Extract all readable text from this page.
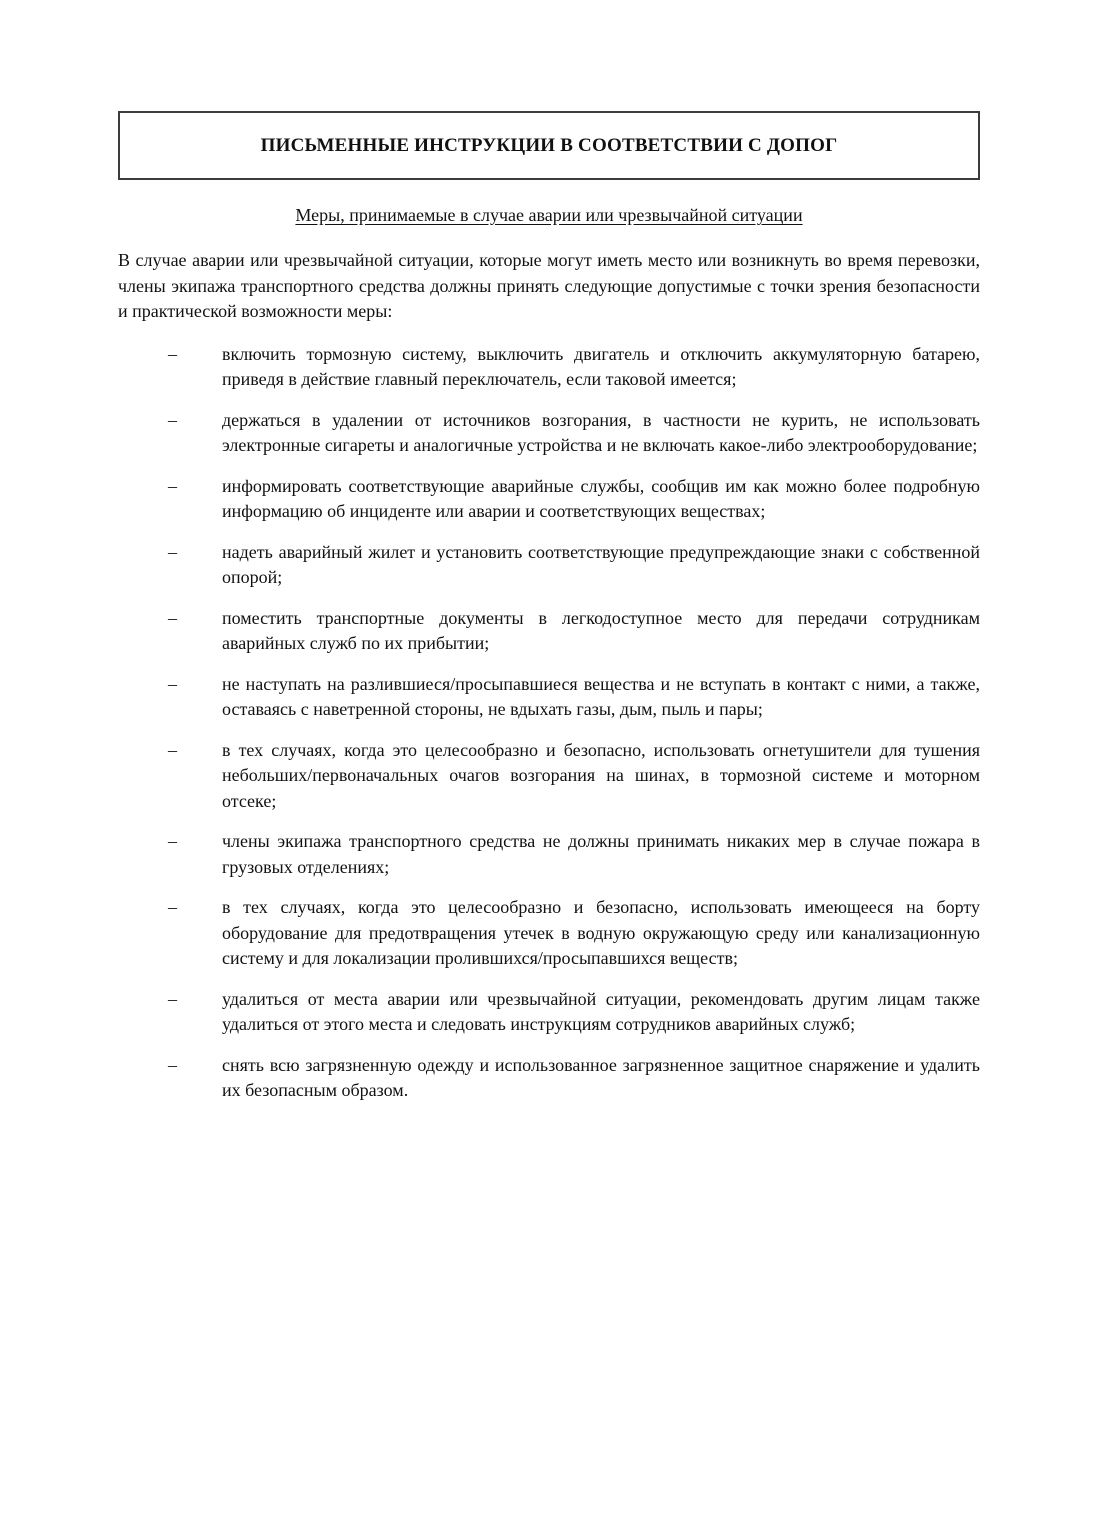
ПИСЬМЕННЫЕ ИНСТРУКЦИИ В СООТВЕТСТВИИ С ДОПОГ
Меры, принимаемые в случае аварии или чрезвычайной ситуации
В случае аварии или чрезвычайной ситуации, которые могут иметь место или возникнуть во время перевозки, члены экипажа транспортного средства должны принять следующие допустимые с точки зрения безопасности и практической возможности меры:
–	включить тормозную систему, выключить двигатель и отключить аккумуляторную батарею, приведя в действие главный переключатель, если таковой имеется;
–	держаться в удалении от источников возгорания, в частности не курить, не использовать электронные сигареты и аналогичные устройства и не включать какое-либо электрооборудование;
–	информировать соответствующие аварийные службы, сообщив им как можно более подробную информацию об инциденте или аварии и соответствующих веществах;
–	надеть аварийный жилет и установить соответствующие предупреждающие знаки с собственной опорой;
–	поместить транспортные документы в легкодоступное место для передачи сотрудникам аварийных служб по их прибытии;
–	не наступать на разлившиеся/просыпавшиеся вещества и не вступать в контакт с ними, а также, оставаясь с наветренной стороны, не вдыхать газы, дым, пыль и пары;
–	в тех случаях, когда это целесообразно и безопасно, использовать огнетушители для тушения небольших/первоначальных очагов возгорания на шинах, в тормозной системе и моторном отсеке;
–	члены экипажа транспортного средства не должны принимать никаких мер в случае пожара в грузовых отделениях;
–	в тех случаях, когда это целесообразно и безопасно, использовать имеющееся на борту оборудование для предотвращения утечек в водную окружающую среду или канализационную систему и для локализации пролившихся/просыпавшихся веществ;
–	удалиться от места аварии или чрезвычайной ситуации, рекомендовать другим лицам также удалиться от этого места и следовать инструкциям сотрудников аварийных служб;
–	снять всю загрязненную одежду и использованное загрязненное защитное снаряжение и удалить их безопасным образом.
